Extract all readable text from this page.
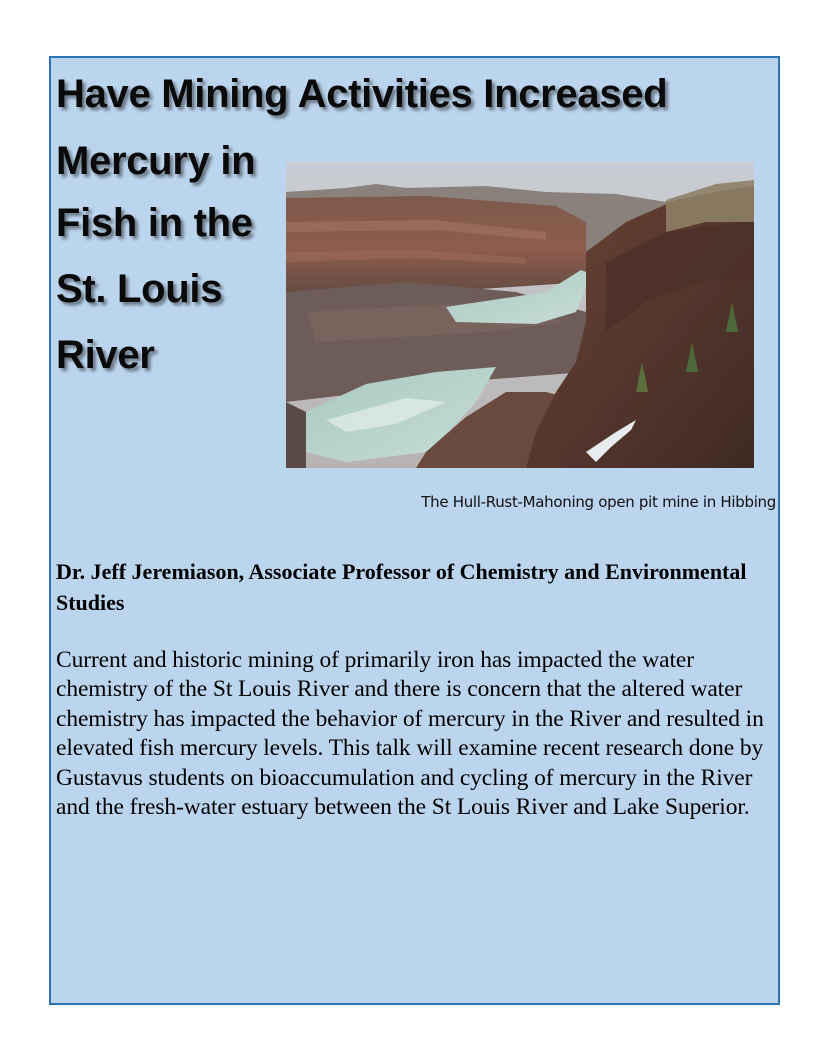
Have Mining Activities Increased
Mercury in
Fish in the
St. Louis
River
The Hull-Rust-Mahoning open pit mine in Hibbing

Dr. Jeff Jeremiason, Associate Professor of Chemistry and Environmental Studies

Current and historic mining of primarily iron has impacted the water chemistry of the St Louis River and there is concern that the altered water chemistry has impacted the behavior of mercury in the River and resulted in elevated fish mercury levels. This talk will examine recent research done by Gustavus students on bioaccumulation and cycling of mercury in the River and the fresh-water estuary between the St Louis River and Lake Superior.
